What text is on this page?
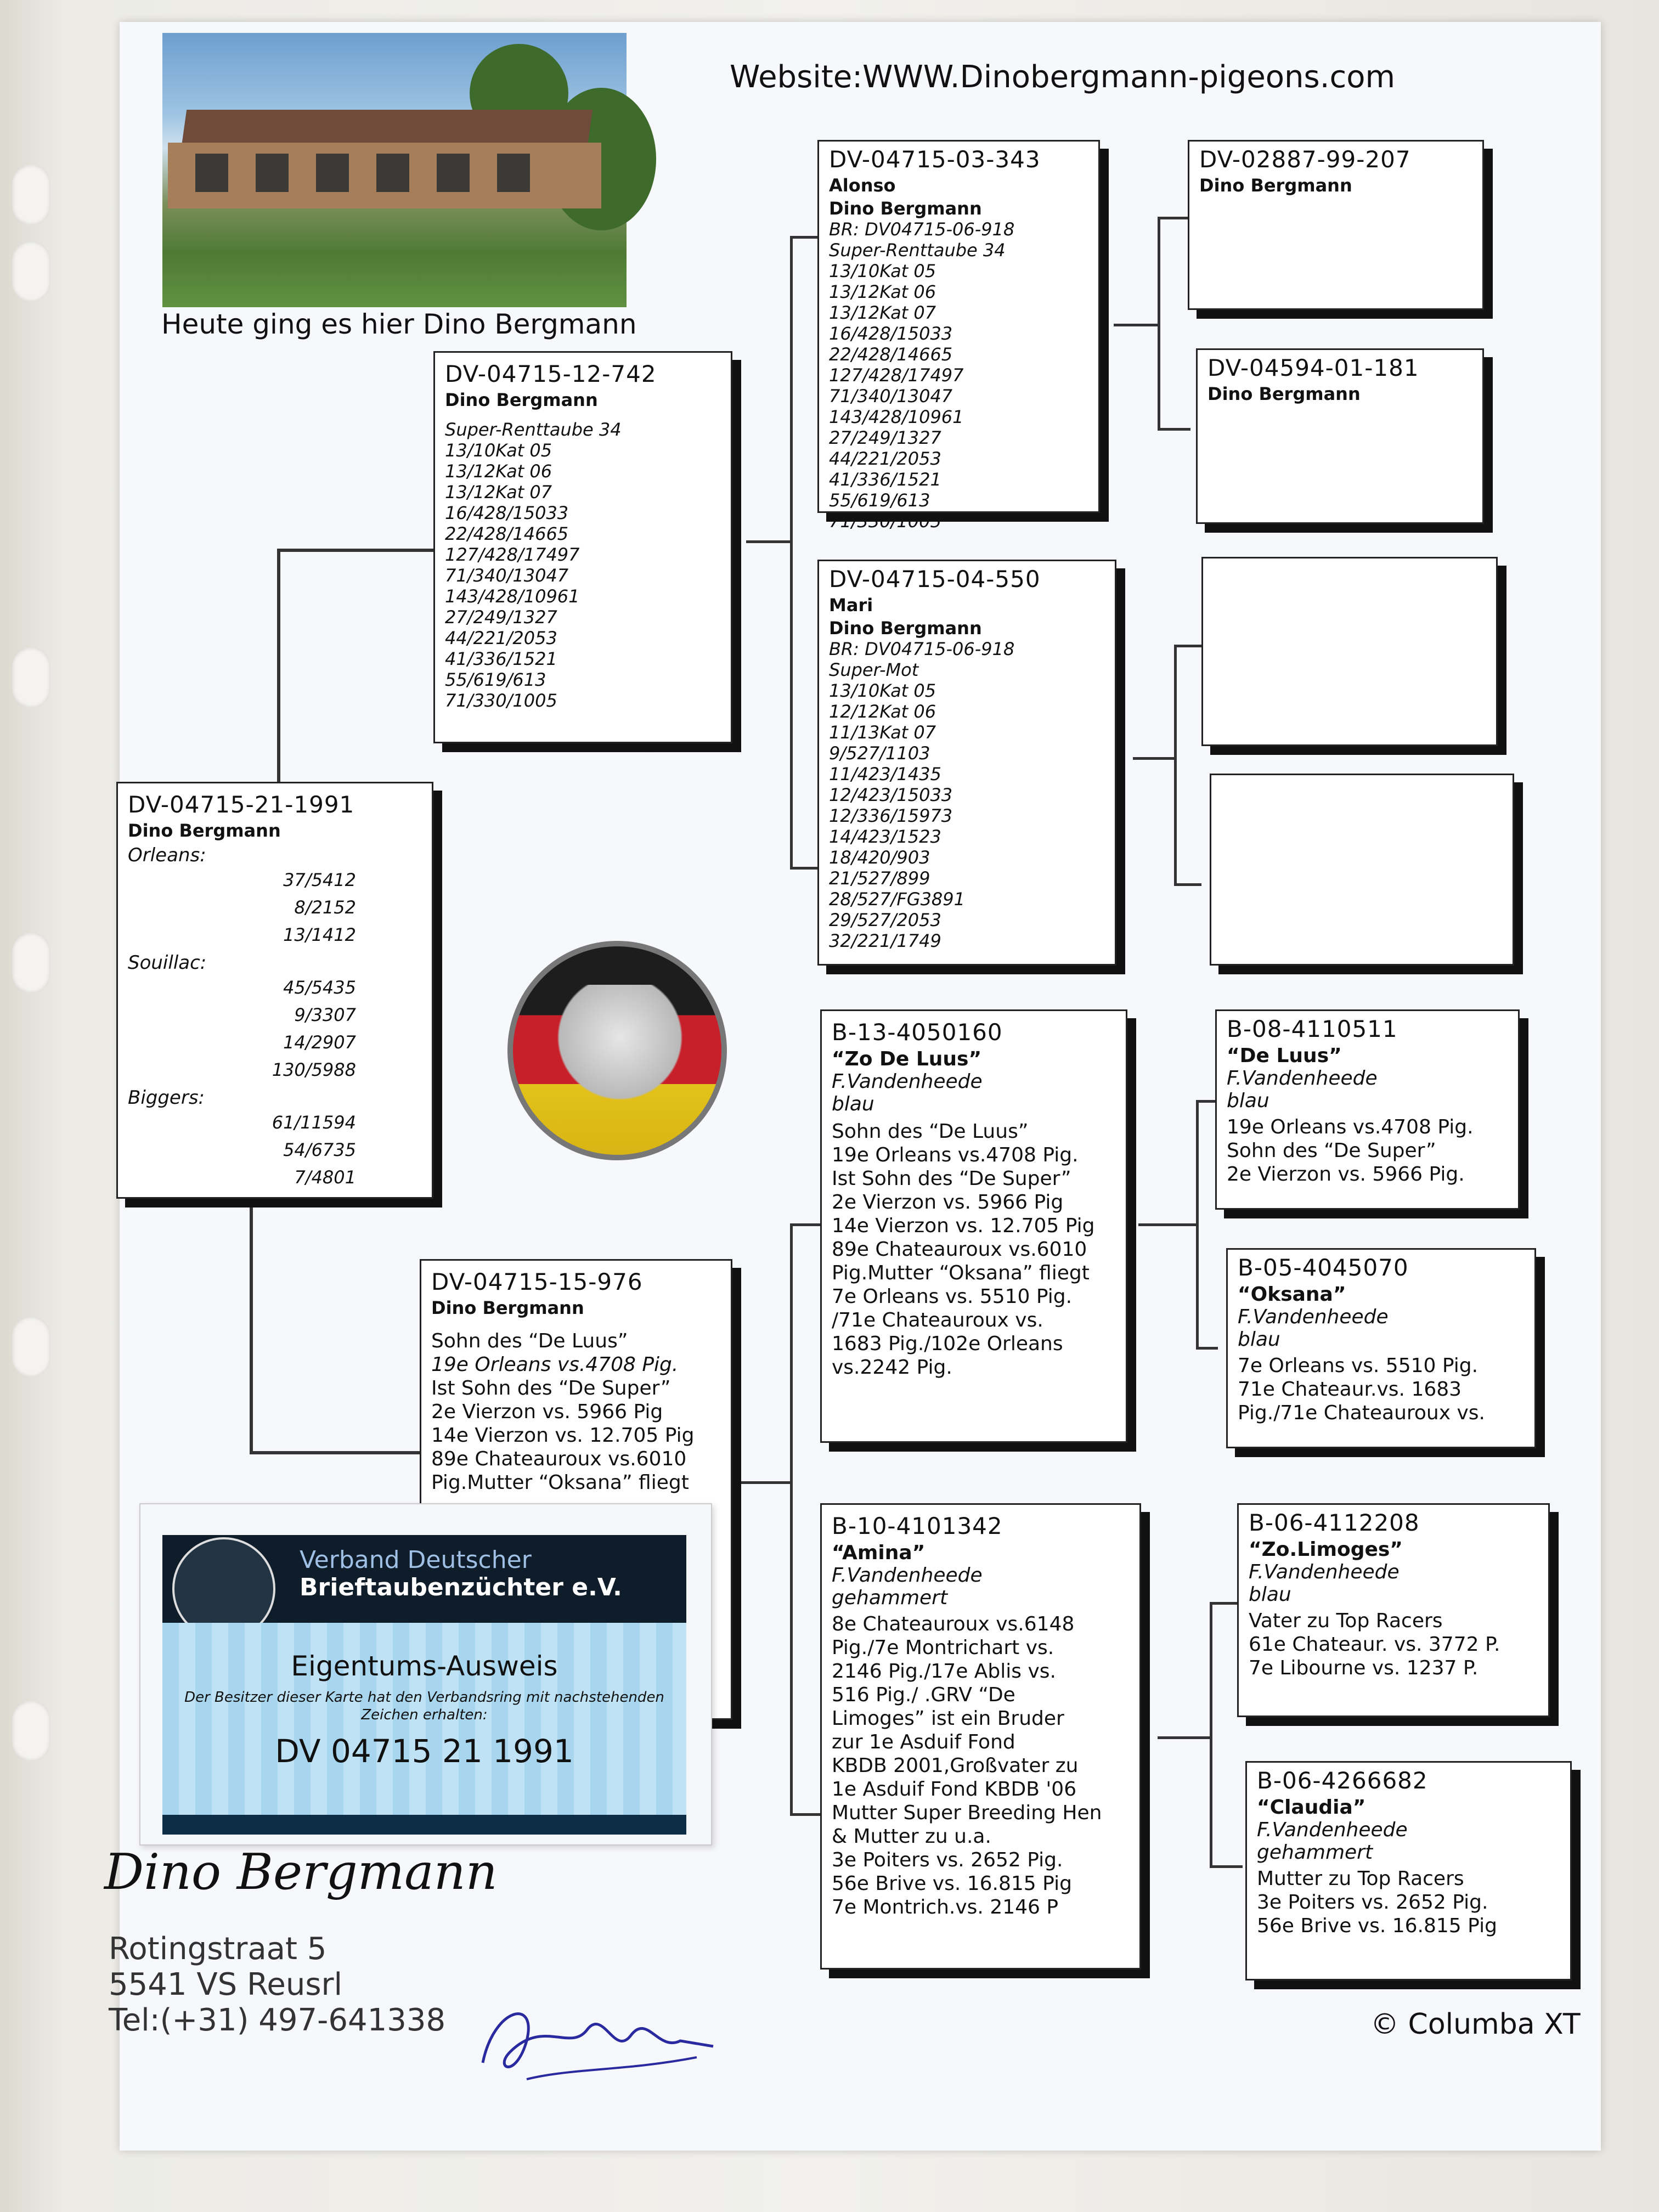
Heute ging es hier Dino Bergmann
Website:WWW.Dinobergmann-pigeons.com
DV-04715-21-1991
Dino Bergmann
Orleans:
37/5412
8/2152
13/1412
Souillac:
45/5435
9/3307
14/2907
130/5988
Biggers:
61/11594
54/6735
7/4801
DV-04715-12-742
Dino Bergmann
Super-Renttaube 34
13/10Kat 05
13/12Kat 06
13/12Kat 07
16/428/15033
22/428/14665
127/428/17497
71/340/13047
143/428/10961
27/249/1327
44/221/2053
41/336/1521
55/619/613
71/330/1005
DV-04715-15-976
Dino Bergmann
Sohn des “De Luus”
19e Orleans vs.4708 Pig.
Ist Sohn des “De Super”
2e Vierzon vs. 5966 Pig
14e Vierzon vs. 12.705 Pig
89e Chateauroux vs.6010
Pig.Mutter “Oksana” fliegt
DV-04715-03-343
Alonso
Dino Bergmann
BR: DV04715-06-918
Super-Renttaube 34
13/10Kat 05
13/12Kat 06
13/12Kat 07
16/428/15033
22/428/14665
127/428/17497
71/340/13047
143/428/10961
27/249/1327
44/221/2053
41/336/1521
55/619/613
71/330/1005
DV-04715-04-550
Mari
Dino Bergmann
BR: DV04715-06-918
Super-Mot
13/10Kat 05
12/12Kat 06
11/13Kat 07
9/527/1103
11/423/1435
12/423/15033
12/336/15973
14/423/1523
18/420/903
21/527/899
28/527/FG3891
29/527/2053
32/221/1749
B-13-4050160
“Zo De Luus”
F.Vandenheede
blau
Sohn des “De Luus”
19e Orleans vs.4708 Pig.
Ist Sohn des “De Super”
2e Vierzon vs. 5966 Pig
14e Vierzon vs. 12.705 Pig
89e Chateauroux vs.6010
Pig.Mutter “Oksana” fliegt
7e Orleans vs. 5510 Pig.
/71e Chateauroux vs.
1683 Pig./102e Orleans
vs.2242 Pig.
B-10-4101342
“Amina”
F.Vandenheede
gehammert
8e Chateauroux vs.6148
Pig./7e Montrichart vs.
2146 Pig./17e Ablis vs.
516 Pig./ .GRV “De
Limoges” ist ein Bruder
zur 1e Asduif Fond
KBDB 2001,Großvater zu
1e Asduif Fond KBDB '06
Mutter Super Breeding Hen
& Mutter zu u.a.
3e Poiters vs. 2652 Pig.
56e Brive vs. 16.815 Pig
7e Montrich.vs. 2146 P
DV-02887-99-207
Dino Bergmann
DV-04594-01-181
Dino Bergmann
B-08-4110511
“De Luus”
F.Vandenheede
blau
19e Orleans vs.4708 Pig.
Sohn des “De Super”
2e Vierzon vs. 5966 Pig.
B-05-4045070
“Oksana”
F.Vandenheede
blau
7e Orleans vs. 5510 Pig.
71e Chateaur.vs. 1683
Pig./71e Chateauroux vs.
B-06-4112208
“Zo.Limoges”
F.Vandenheede
blau
Vater zu Top Racers
61e Chateaur. vs. 3772 P.
7e Libourne vs. 1237 P.
B-06-4266682
“Claudia”
F.Vandenheede
gehammert
Mutter zu Top Racers
3e Poiters vs. 2652 Pig.
56e Brive vs. 16.815 Pig
Verband Deutscher
Brieftaubenzüchter e.V.
Eigentums-Ausweis
Der Besitzer dieser Karte hat den Verbandsring mit nachstehenden Zeichen erhalten:
DV 04715 21 1991
Dino Bergmann
Rotingstraat 5
5541 VS Reusrl
Tel:(+31) 497-641338	© Columba XT
